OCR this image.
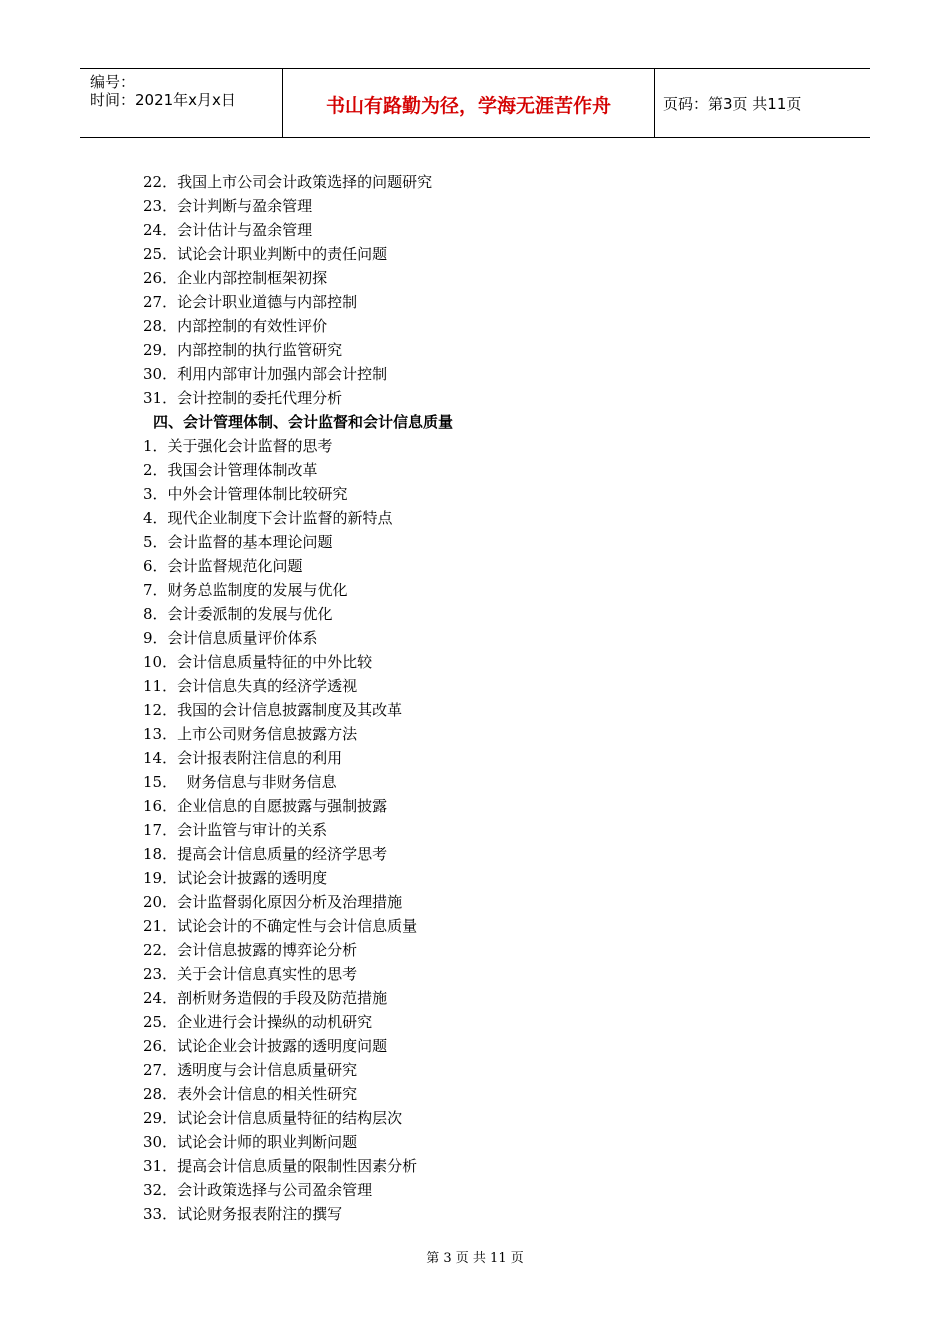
编号：
时间：2021年x月x日	书山有路勤为径，学海无涯苦作舟	页码：第3页 共11页
22．我国上市公司会计政策选择的问题研究
23．会计判断与盈余管理
24．会计估计与盈余管理
25．试论会计职业判断中的责任问题
26．企业内部控制框架初探
27．论会计职业道德与内部控制
28．内部控制的有效性评价
29．内部控制的执行监管研究
30．利用内部审计加强内部会计控制
31．会计控制的委托代理分析
四、会计管理体制、会计监督和会计信息质量
1．关于强化会计监督的思考
2．我国会计管理体制改革
3．中外会计管理体制比较研究
4．现代企业制度下会计监督的新特点
5．会计监督的基本理论问题
6．会计监督规范化问题
7．财务总监制度的发展与优化
8．会计委派制的发展与优化
9．会计信息质量评价体系
10．会计信息质量特征的中外比较
11．会计信息失真的经济学透视
12．我国的会计信息披露制度及其改革
13．上市公司财务信息披露方法
14．会计报表附注信息的利用
15．  财务信息与非财务信息
16．企业信息的自愿披露与强制披露
17．会计监管与审计的关系
18．提高会计信息质量的经济学思考
19．试论会计披露的透明度
20．会计监督弱化原因分析及治理措施
21．试论会计的不确定性与会计信息质量
22．会计信息披露的博弈论分析
23．关于会计信息真实性的思考
24．剖析财务造假的手段及防范措施
25．企业进行会计操纵的动机研究
26．试论企业会计披露的透明度问题
27．透明度与会计信息质量研究
28．表外会计信息的相关性研究
29．试论会计信息质量特征的结构层次
30．试论会计师的职业判断问题
31．提高会计信息质量的限制性因素分析
32．会计政策选择与公司盈余管理
33．试论财务报表附注的撰写
第 3 页 共 11 页
